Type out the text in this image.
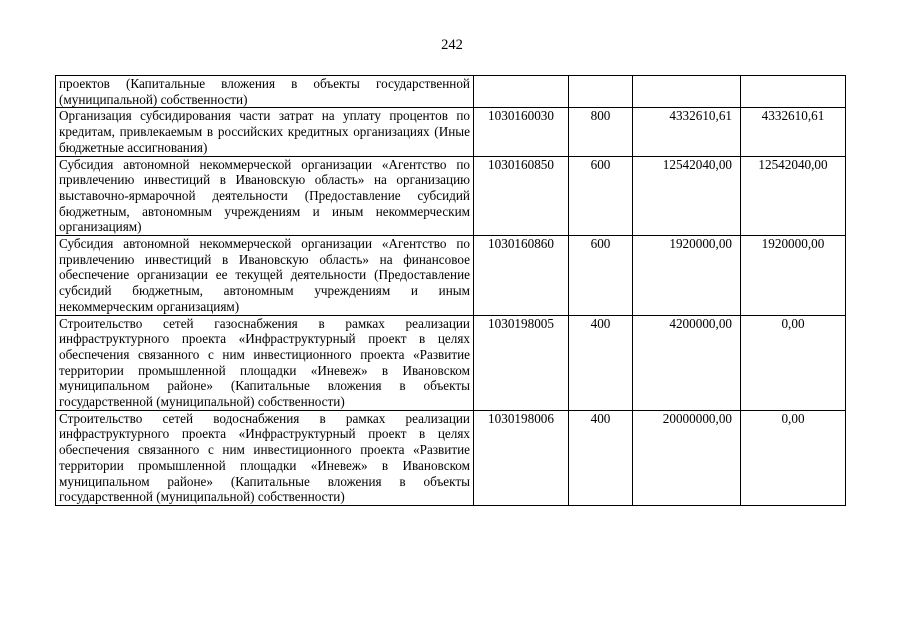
242
проектов (Капитальные вложения в объекты государственной (муниципальной) собственности)				
Организация субсидирования части затрат на уплату процентов по кредитам, привлекаемым в российских кредитных организациях (Иные бюджетные ассигнования)	1030160030	800	4332610,61	4332610,61
Субсидия автономной некоммерческой организации «Агентство по привлечению инвестиций в Ивановскую область» на организацию выставочно-ярмарочной деятельности (Предоставление субсидий бюджетным, автономным учреждениям и иным некоммерческим организациям)	1030160850	600	12542040,00	12542040,00
Субсидия автономной некоммерческой организации «Агентство по привлечению инвестиций в Ивановскую область» на финансовое обеспечение организации ее текущей деятельности (Предоставление субсидий бюджетным, автономным учреждениям и иным некоммерческим организациям)	1030160860	600	1920000,00	1920000,00
Строительство сетей газоснабжения в рамках реализации инфраструктурного проекта «Инфраструктурный проект в целях обеспечения связанного с ним инвестиционного проекта «Развитие территории промышленной площадки «Иневеж» в Ивановском муниципальном районе» (Капитальные вложения в объекты государственной (муниципальной) собственности)	1030198005	400	4200000,00	0,00
Строительство сетей водоснабжения в рамках реализации инфраструктурного проекта «Инфраструктурный проект в целях обеспечения связанного с ним инвестиционного проекта «Развитие территории промышленной площадки «Иневеж» в Ивановском муниципальном районе» (Капитальные вложения в объекты государственной (муниципальной) собственности)	1030198006	400	20000000,00	0,00
